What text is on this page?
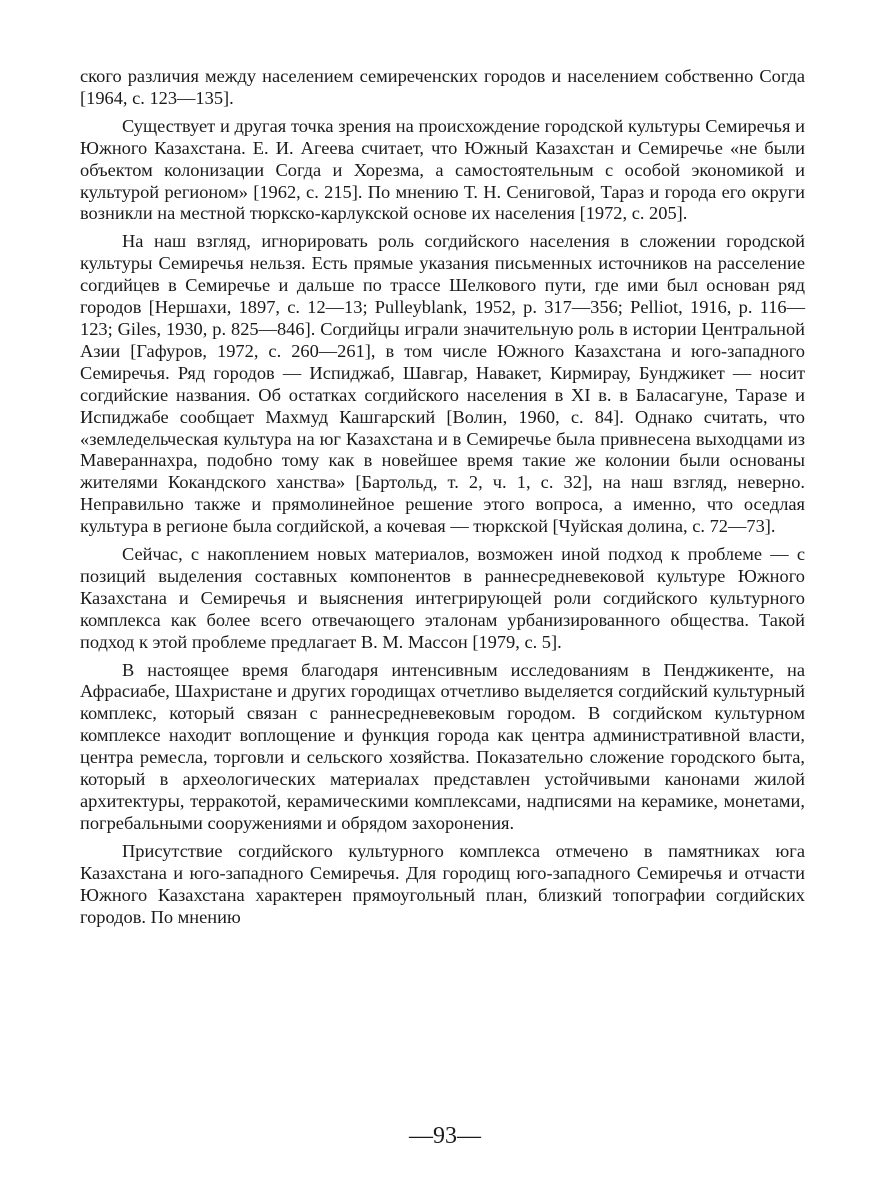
ского различия между населением семиреченских городов и населением собственно Согда [1964, с. 123—135].

Существует и другая точка зрения на происхождение городской культуры Семиречья и Южного Казахстана. Е. И. Агеева считает, что Южный Казахстан и Семиречье «не были объектом колонизации Согда и Хорезма, а самостоятельным с особой экономикой и культурой регионом» [1962, с. 215]. По мнению Т. Н. Сениговой, Тараз и города его округи возникли на местной тюркско-карлукской основе их населения [1972, с. 205].

На наш взгляд, игнорировать роль согдийского населения в сложении городской культуры Семиречья нельзя. Есть прямые указания письменных источников на расселение согдийцев в Семиречье и дальше по трассе Шелкового пути, где ими был основан ряд городов [Нершахи, 1897, с. 12—13; Pulleyblank, 1952, p. 317—356; Pelliot, 1916, p. 116—123; Giles, 1930, p. 825—846]. Согдийцы играли значительную роль в истории Центральной Азии [Гафуров, 1972, с. 260—261], в том числе Южного Казахстана и юго-западного Семиречья. Ряд городов — Испиджаб, Шавгар, Навакет, Кирмирау, Бунджикет — носит согдийские названия. Об остатках согдийского населения в XI в. в Баласагуне, Таразе и Испиджабе сообщает Махмуд Кашгарский [Волин, 1960, с. 84]. Однако считать, что «земледельческая культура на юг Казахстана и в Семиречье была привнесена выходцами из Мавераннахра, подобно тому как в новейшее время такие же колонии были основаны жителями Кокандского ханства» [Бартольд, т. 2, ч. 1, с. 32], на наш взгляд, неверно. Неправильно также и прямолинейное решение этого вопроса, а именно, что оседлая культура в регионе была согдийской, а кочевая — тюркской [Чуйская долина, с. 72—73].

Сейчас, с накоплением новых материалов, возможен иной подход к проблеме — с позиций выделения составных компонентов в раннесредневековой культуре Южного Казахстана и Семиречья и выяснения интегрирующей роли согдийского культурного комплекса как более всего отвечающего эталонам урбанизированного общества. Такой подход к этой проблеме предлагает В. М. Массон [1979, с. 5].

В настоящее время благодаря интенсивным исследованиям в Пенджикенте, на Афрасиабе, Шахристане и других городищах отчетливо выделяется согдийский культурный комплекс, который связан с раннесредневековым городом. В согдийском культурном комплексе находит воплощение и функция города как центра административной власти, центра ремесла, торговли и сельского хозяйства. Показательно сложение городского быта, который в археологических материалах представлен устойчивыми канонами жилой архитектуры, терракотой, керамическими комплексами, надписями на керамике, монетами, погребальными сооружениями и обрядом захоронения.

Присутствие согдийского культурного комплекса отмечено в памятниках юга Казахстана и юго-западного Семиречья. Для городищ юго-западного Семиречья и отчасти Южного Казахстана характерен прямоугольный план, близкий топографии согдийских городов. По мнению

—93—
